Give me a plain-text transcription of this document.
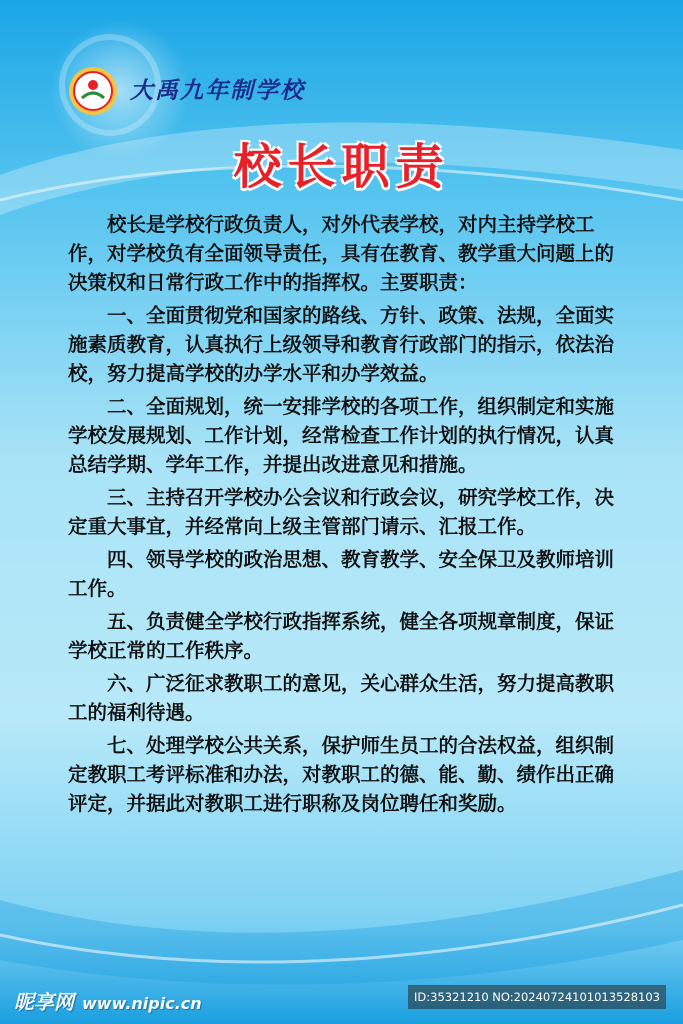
大禹九年制学校
校长职责

校长是学校行政负责人，对外代表学校，对内主持学校工作，对学校负有全面领导责任，具有在教育、教学重大问题上的决策权和日常行政工作中的指挥权。主要职责：

一、全面贯彻党和国家的路线、方针、政策、法规，全面实施素质教育，认真执行上级领导和教育行政部门的指示，依法治校，努力提高学校的办学水平和办学效益。

二、全面规划，统一安排学校的各项工作，组织制定和实施学校发展规划、工作计划，经常检查工作计划的执行情况，认真总结学期、学年工作，并提出改进意见和措施。

三、主持召开学校办公会议和行政会议，研究学校工作，决定重大事宜，并经常向上级主管部门请示、汇报工作。

四、领导学校的政治思想、教育教学、安全保卫及教师培训工作。

五、负责健全学校行政指挥系统，健全各项规章制度，保证学校正常的工作秩序。

六、广泛征求教职工的意见，关心群众生活，努力提高教职工的福利待遇。

七、处理学校公共关系，保护师生员工的合法权益，组织制定教职工考评标准和办法，对教职工的德、能、勤、绩作出正确评定，并据此对教职工进行职称及岗位聘任和奖励。

昵享网 www.nipic.cn	ID:35321210 NO:20240724101013528103
